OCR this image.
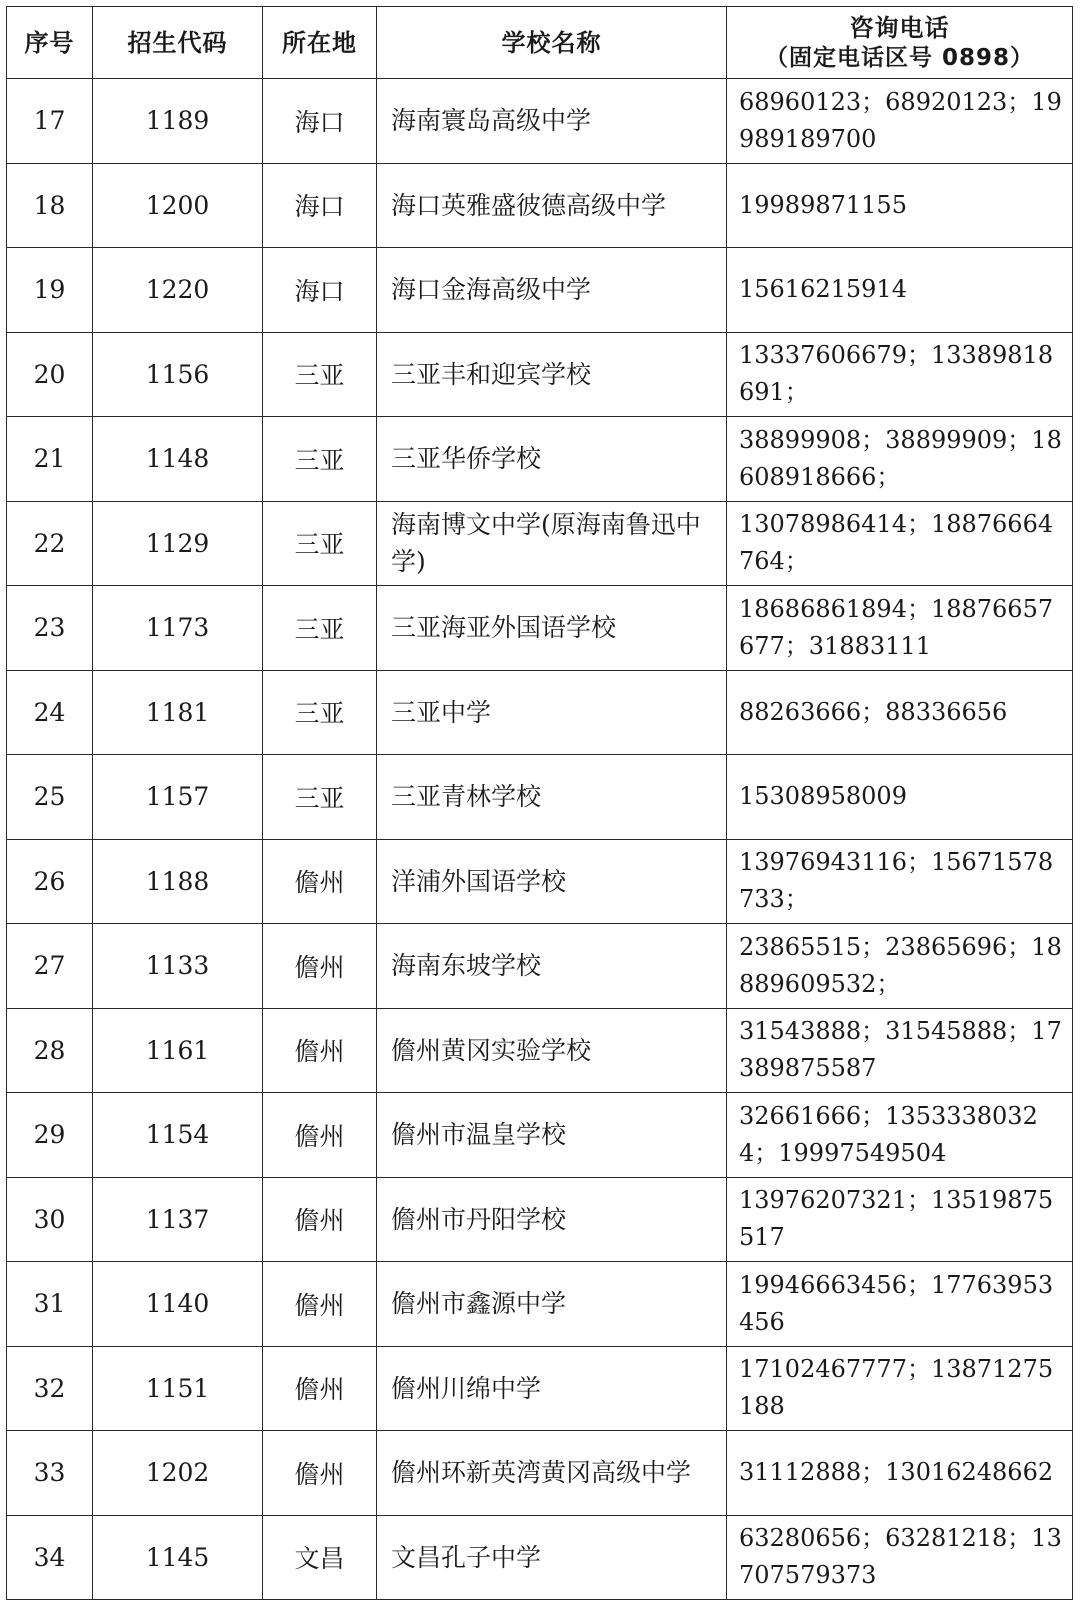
序号	招生代码	所在地	学校名称	咨询电话
（固定电话区号 0898）

17	1189	海口	海南寰岛高级中学	68960123；68920123；19989189700
18	1200	海口	海口英雅盛彼德高级中学	19989871155
19	1220	海口	海口金海高级中学	15616215914
20	1156	三亚	三亚丰和迎宾学校	13337606679；13389818691；
21	1148	三亚	三亚华侨学校	38899908；38899909；18608918666；
22	1129	三亚	海南博文中学(原海南鲁迅中学)	13078986414；18876664764；
23	1173	三亚	三亚海亚外国语学校	18686861894；18876657677；31883111
24	1181	三亚	三亚中学	88263666；88336656
25	1157	三亚	三亚青林学校	15308958009
26	1188	儋州	洋浦外国语学校	13976943116；15671578733；
27	1133	儋州	海南东坡学校	23865515；23865696；18889609532；
28	1161	儋州	儋州黄冈实验学校	31543888；31545888；17389875587
29	1154	儋州	儋州市温皇学校	32661666；13533380324；19997549504
30	1137	儋州	儋州市丹阳学校	13976207321；13519875517
31	1140	儋州	儋州市鑫源中学	19946663456；17763953456
32	1151	儋州	儋州川绵中学	17102467777；13871275188
33	1202	儋州	儋州环新英湾黄冈高级中学	31112888；13016248662
34	1145	文昌	文昌孔子中学	63280656；63281218；13707579373
